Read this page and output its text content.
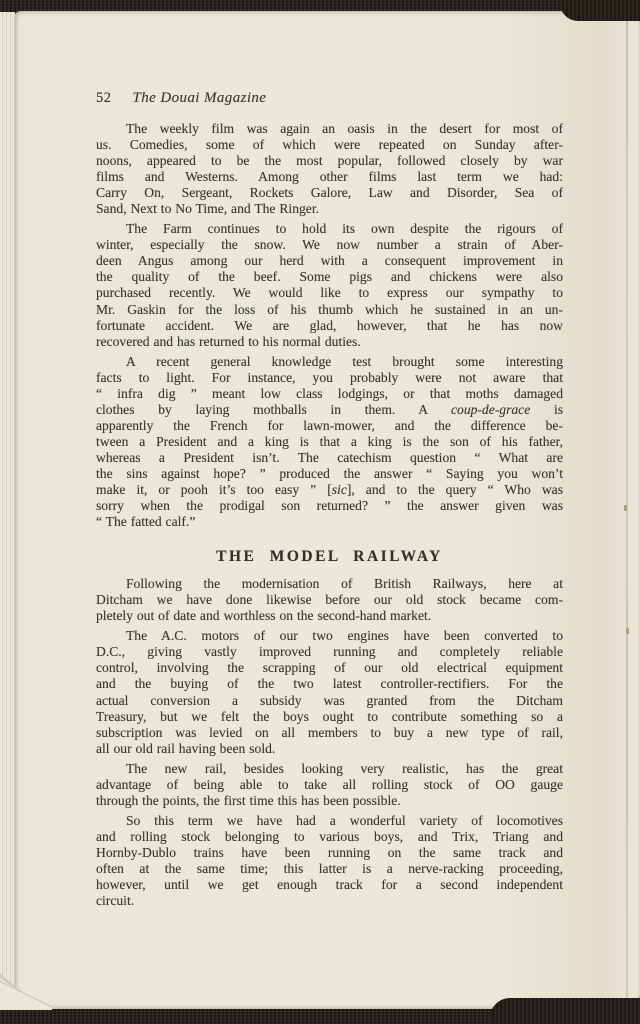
52 The Douai Magazine
The weekly film was again an oasis in the desert for most of
us. Comedies, some of which were repeated on Sunday after-
noons, appeared to be the most popular, followed closely by war
films and Westerns. Among other films last term we had:
Carry On, Sergeant, Rockets Galore, Law and Disorder, Sea of
Sand, Next to No Time, and The Ringer.
The Farm continues to hold its own despite the rigours of
winter, especially the snow. We now number a strain of Aber-
deen Angus among our herd with a consequent improvement in
the quality of the beef. Some pigs and chickens were also
purchased recently. We would like to express our sympathy to
Mr. Gaskin for the loss of his thumb which he sustained in an un-
fortunate accident. We are glad, however, that he has now
recovered and has returned to his normal duties.
A recent general knowledge test brought some interesting
facts to light. For instance, you probably were not aware that
“ infra dig ” meant low class lodgings, or that moths damaged
clothes by laying mothballs in them. A coup-de-grace is
apparently the French for lawn-mower, and the difference be-
tween a President and a king is that a king is the son of his father,
whereas a President isn’t. The catechism question “ What are
the sins against hope? ” produced the answer “ Saying you won’t
make it, or pooh it’s too easy ” [sic], and to the query “ Who was
sorry when the prodigal son returned? ” the answer given was
“ The fatted calf.”
THE MODEL RAILWAY
Following the modernisation of British Railways, here at
Ditcham we have done likewise before our old stock became com-
pletely out of date and worthless on the second-hand market.
The A.C. motors of our two engines have been converted to
D.C., giving vastly improved running and completely reliable
control, involving the scrapping of our old electrical equipment
and the buying of the two latest controller-rectifiers. For the
actual conversion a subsidy was granted from the Ditcham
Treasury, but we felt the boys ought to contribute something so a
subscription was levied on all members to buy a new type of rail,
all our old rail having been sold.
The new rail, besides looking very realistic, has the great
advantage of being able to take all rolling stock of OO gauge
through the points, the first time this has been possible.
So this term we have had a wonderful variety of locomotives
and rolling stock belonging to various boys, and Trix, Triang and
Hornby-Dublo trains have been running on the same track and
often at the same time; this latter is a nerve-racking proceeding,
however, until we get enough track for a second independent
circuit.
